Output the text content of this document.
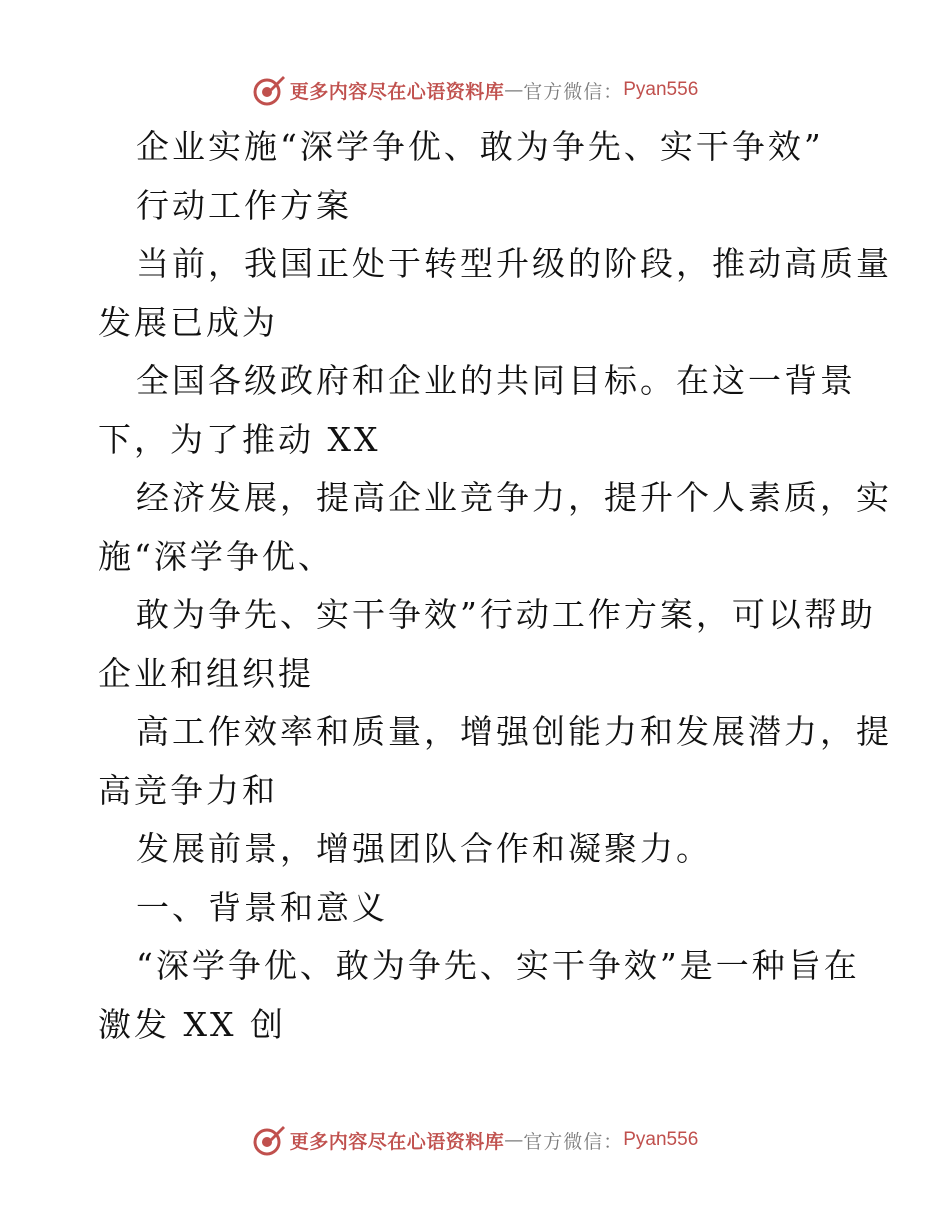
更多内容尽在心语资料库 — 官方微信： Pyan556
企业实施“深学争优、敢为争先、实干争效”
行动工作方案
当前，我国正处于转型升级的阶段，推动高质量
发展已成为
全国各级政府和企业的共同目标。在这一背景
下，为了推动 XX
经济发展，提高企业竞争力，提升个人素质，实
施“深学争优、
敢为争先、实干争效”行动工作方案，可以帮助
企业和组织提
高工作效率和质量，增强创能力和发展潜力，提
高竞争力和
发展前景，增强团队合作和凝聚力。
一、背景和意义
“深学争优、敢为争先、实干争效”是一种旨在
激发 XX 创
更多内容尽在心语资料库 — 官方微信： Pyan556
